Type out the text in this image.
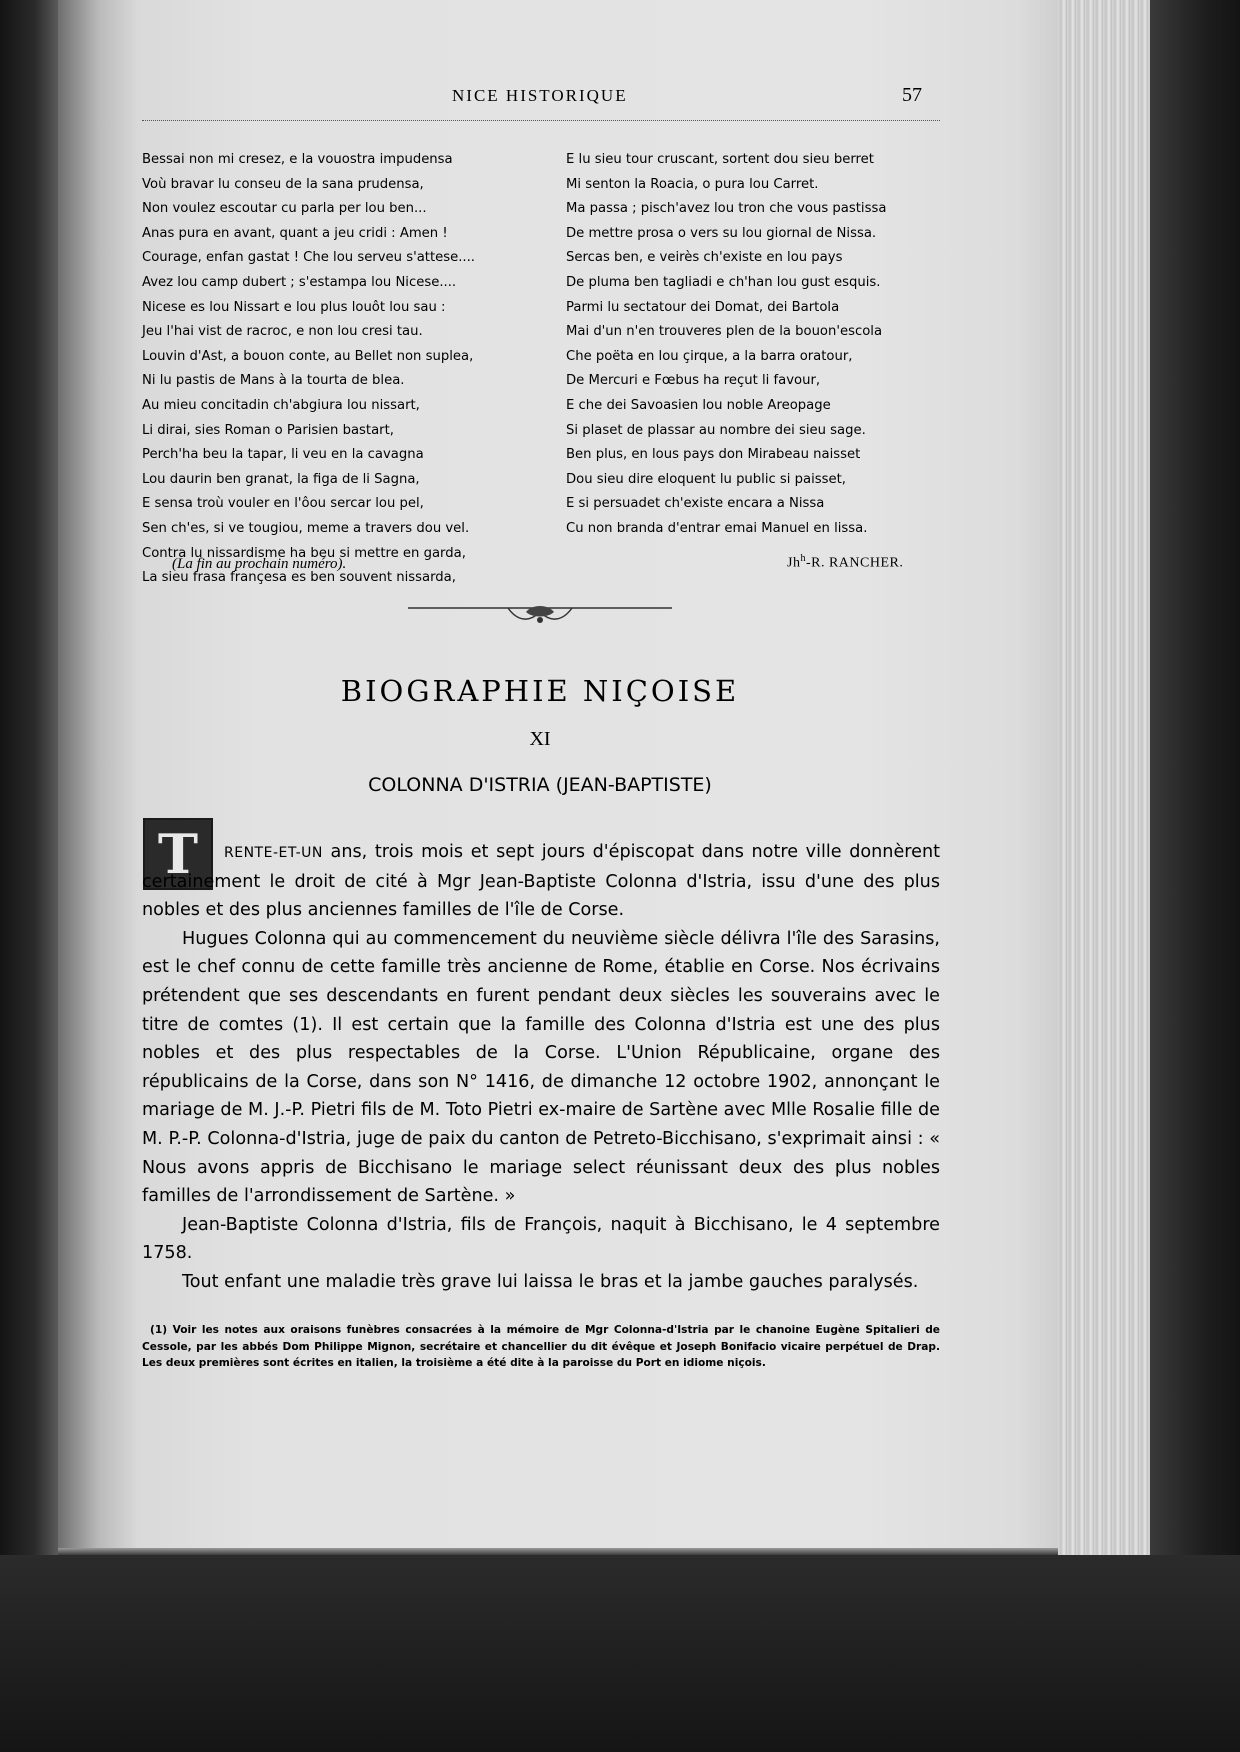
NICE HISTORIQUE	57
Bessai non mi cresez, e la vouostra impudensa
Voù bravar lu conseu de la sana prudensa,
Non voulez escoutar cu parla per lou ben...
Anas pura en avant, quant a jeu cridi : Amen !
Courage, enfan gastat ! Che lou serveu s'attese....
Avez lou camp dubert ; s'estampa lou Nicese....
Nicese es lou Nissart e lou plus louôt lou sau :
Jeu l'hai vist de racroc, e non lou cresi tau.
Louvin d'Ast, a bouon conte, au Bellet non suplea,
Ni lu pastis de Mans à la tourta de blea.
Au mieu concitadin ch'abgiura lou nissart,
Li dirai, sies Roman o Parisien bastart,
Perch'ha beu la tapar, li veu en la cavagna
Lou daurin ben granat, la figa de li Sagna,
E sensa troù vouler en l'ôou sercar lou pel,
Sen ch'es, si ve tougiou, meme a travers dou vel.
Contra lu nissardisme ha beu si mettre en garda,
La sieu frasa françesa es ben souvent nissarda,
E lu sieu tour cruscant, sortent dou sieu berret
Mi senton la Roacia, o pura lou Carret.
Ma passa ; pisch'avez lou tron che vous pastissa
De mettre prosa o vers su lou giornal de Nissa.
Sercas ben, e veirès ch'existe en lou pays
De pluma ben tagliadi e ch'han lou gust esquis.
Parmi lu sectatour dei Domat, dei Bartola
Mai d'un n'en trouveres plen de la bouon'escola
Che poëta en lou çirque, a la barra oratour,
De Mercuri e Fœbus ha reçut li favour,
E che dei Savoasien lou noble Areopage
Si plaset de plassar au nombre dei sieu sage.
Ben plus, en lous pays don Mirabeau naisset
Dou sieu dire eloquent lu public si paisset,
E si persuadet ch'existe encara a Nissa
Cu non branda d'entrar emai Manuel en lissa.
(La fin au prochain numéro).	Jh$^h$-R. RANCHER.
BIOGRAPHIE NIÇOISE
XI
COLONNA D'ISTRIA (JEAN-BAPTISTE)
T	RENTE-ET-UN ans, trois mois et sept jours d'épiscopat dans notre ville donnèrent certainement le droit de cité à Mgr Jean-Baptiste Colonna d'Istria, issu d'une des plus nobles et des plus anciennes familles de l'île de Corse.

Hugues Colonna qui au commencement du neuvième siècle délivra l'île des Sarasins, est le chef connu de cette famille très ancienne de Rome, établie en Corse. Nos écrivains prétendent que ses descendants en furent pendant deux siècles les souverains avec le titre de comtes (1). Il est certain que la famille des Colonna d'Istria est une des plus nobles et des plus respectables de la Corse. L'Union Républicaine, organe des républicains de la Corse, dans son N° 1416, de dimanche 12 octobre 1902, annonçant le mariage de M. J.-P. Pietri fils de M. Toto Pietri ex-maire de Sartène avec Mlle Rosalie fille de M. P.-P. Colonna-d'Istria, juge de paix du canton de Petreto-Bicchisano, s'exprimait ainsi : « Nous avons appris de Bicchisano le mariage select réunissant deux des plus nobles familles de l'arrondissement de Sartène. »

Jean-Baptiste Colonna d'Istria, fils de François, naquit à Bicchisano, le 4 septembre 1758.

Tout enfant une maladie très grave lui laissa le bras et la jambe gauches paralysés.

(1) Voir les notes aux oraisons funèbres consacrées à la mémoire de Mgr Colonna-d'Istria par le chanoine Eugène Spitalieri de Cessole, par les abbés Dom Philippe Mignon, secrétaire et chancellier du dit évêque et Joseph Bonifacio vicaire perpétuel de Drap. Les deux premières sont écrites en italien, la troisième a été dite à la paroisse du Port en idiome niçois.
